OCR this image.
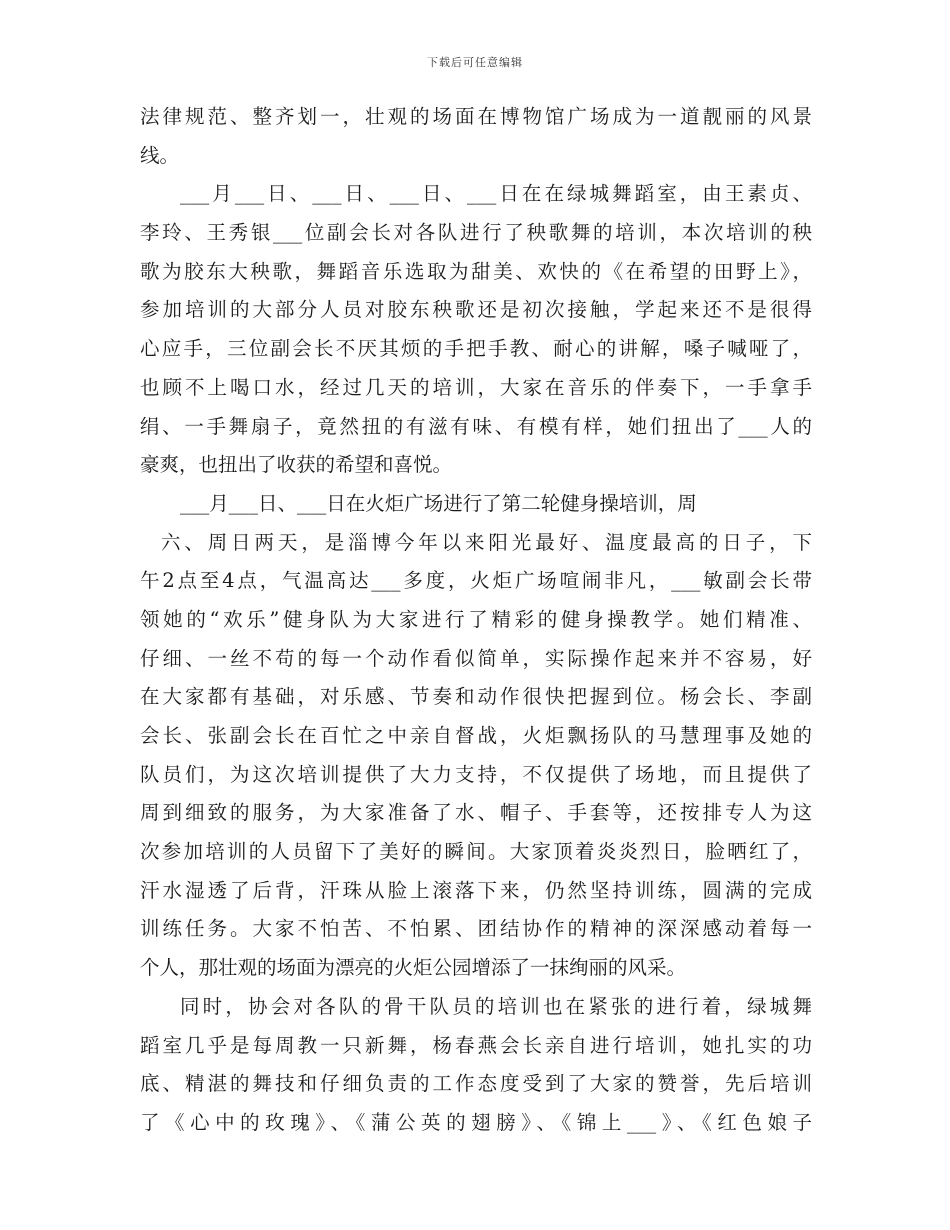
下载后可任意编辑
法律规范、整齐划一，壮观的场面在博物馆广场成为一道靓丽的风景
线。
___月___日、___日、___日、___日在在绿城舞蹈室，由王素贞、
李玲、王秀银___位副会长对各队进行了秧歌舞的培训，本次培训的秧
歌为胶东大秧歌，舞蹈音乐选取为甜美、欢快的《在希望的田野上》，
参加培训的大部分人员对胶东秧歌还是初次接触，学起来还不是很得
心应手，三位副会长不厌其烦的手把手教、耐心的讲解，嗓子喊哑了，
也顾不上喝口水，经过几天的培训，大家在音乐的伴奏下，一手拿手
绢、一手舞扇子，竟然扭的有滋有味、有模有样，她们扭出了___人的
豪爽，也扭出了收获的希望和喜悦。
___月___日、___日在火炬广场进行了第二轮健身操培训，周
六、周日两天，是淄博今年以来阳光最好、温度最高的日子，下
午2点至4点，气温高达___多度，火炬广场喧闹非凡，___敏副会长带
领她的“欢乐”健身队为大家进行了精彩的健身操教学。她们精准、
仔细、一丝不苟的每一个动作看似简单，实际操作起来并不容易，好
在大家都有基础，对乐感、节奏和动作很快把握到位。杨会长、李副
会长、张副会长在百忙之中亲自督战，火炬飘扬队的马慧理事及她的
队员们，为这次培训提供了大力支持，不仅提供了场地，而且提供了
周到细致的服务，为大家准备了水、帽子、手套等，还按排专人为这
次参加培训的人员留下了美好的瞬间。大家顶着炎炎烈日，脸晒红了，
汗水湿透了后背，汗珠从脸上滚落下来，仍然坚持训练，圆满的完成
训练任务。大家不怕苦、不怕累、团结协作的精神的深深感动着每一
个人，那壮观的场面为漂亮的火炬公园增添了一抹绚丽的风采。
同时，协会对各队的骨干队员的培训也在紧张的进行着，绿城舞
蹈室几乎是每周教一只新舞，杨春燕会长亲自进行培训，她扎实的功
底、精湛的舞技和仔细负责的工作态度受到了大家的赞誉，先后培训
了《心中的玫瑰》、《蒲公英的翅膀》、《锦上___》、《红色娘子
